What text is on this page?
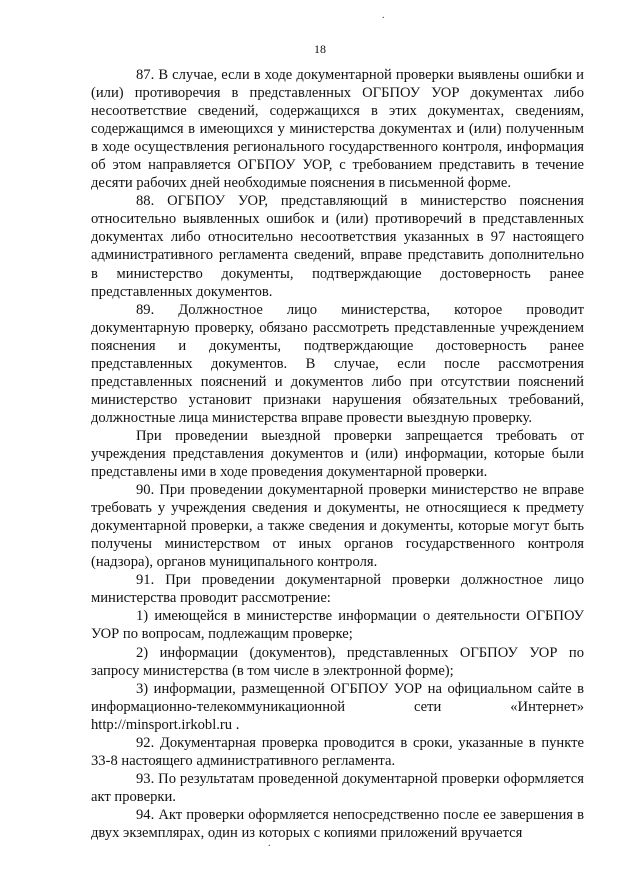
.
18

87. В случае, если в ходе документарной проверки выявлены ошибки и (или) противоречия в представленных ОГБПОУ УОР документах либо несоответствие сведений, содержащихся в этих документах, сведениям, содержащимся в имеющихся у министерства документах и (или) полученным в ходе осуществления регионального государственного контроля, информация об этом направляется ОГБПОУ УОР, с требованием представить в течение десяти рабочих дней необходимые пояснения в письменной форме.

88. ОГБПОУ УОР, представляющий в министерство пояснения относительно выявленных ошибок и (или) противоречий в представленных документах либо относительно несоответствия указанных в 97 настоящего административного регламента сведений, вправе представить дополнительно в министерство документы, подтверждающие достоверность ранее представленных документов.

89. Должностное лицо министерства, которое проводит документарную проверку, обязано рассмотреть представленные учреждением пояснения и документы, подтверждающие достоверность ранее представленных документов. В случае, если после рассмотрения представленных пояснений и документов либо при отсутствии пояснений министерство установит признаки нарушения обязательных требований, должностные лица министерства вправе провести выездную проверку.

При проведении выездной проверки запрещается требовать от учреждения представления документов и (или) информации, которые были представлены ими в ходе проведения документарной проверки.

90. При проведении документарной проверки министерство не вправе требовать у учреждения сведения и документы, не относящиеся к предмету документарной проверки, а также сведения и документы, которые могут быть получены министерством от иных органов государственного контроля (надзора), органов муниципального контроля.

91. При проведении документарной проверки должностное лицо министерства проводит рассмотрение:

1) имеющейся в министерстве информации о деятельности ОГБПОУ УОР по вопросам, подлежащим проверке;

2) информации (документов), представленных ОГБПОУ УОР по запросу министерства (в том числе в электронной форме);

3) информации, размещенной ОГБПОУ УОР на официальном сайте в информационно-телекоммуникационной сети «Интернет» http://minsport.irkobl.ru .

92. Документарная проверка проводится в сроки, указанные в пункте 33-8 настоящего административного регламента.

93. По результатам проведенной документарной проверки оформляется акт проверки.

94. Акт проверки оформляется непосредственно после ее завершения в двух экземплярах, один из которых с копиями приложений вручается

.
